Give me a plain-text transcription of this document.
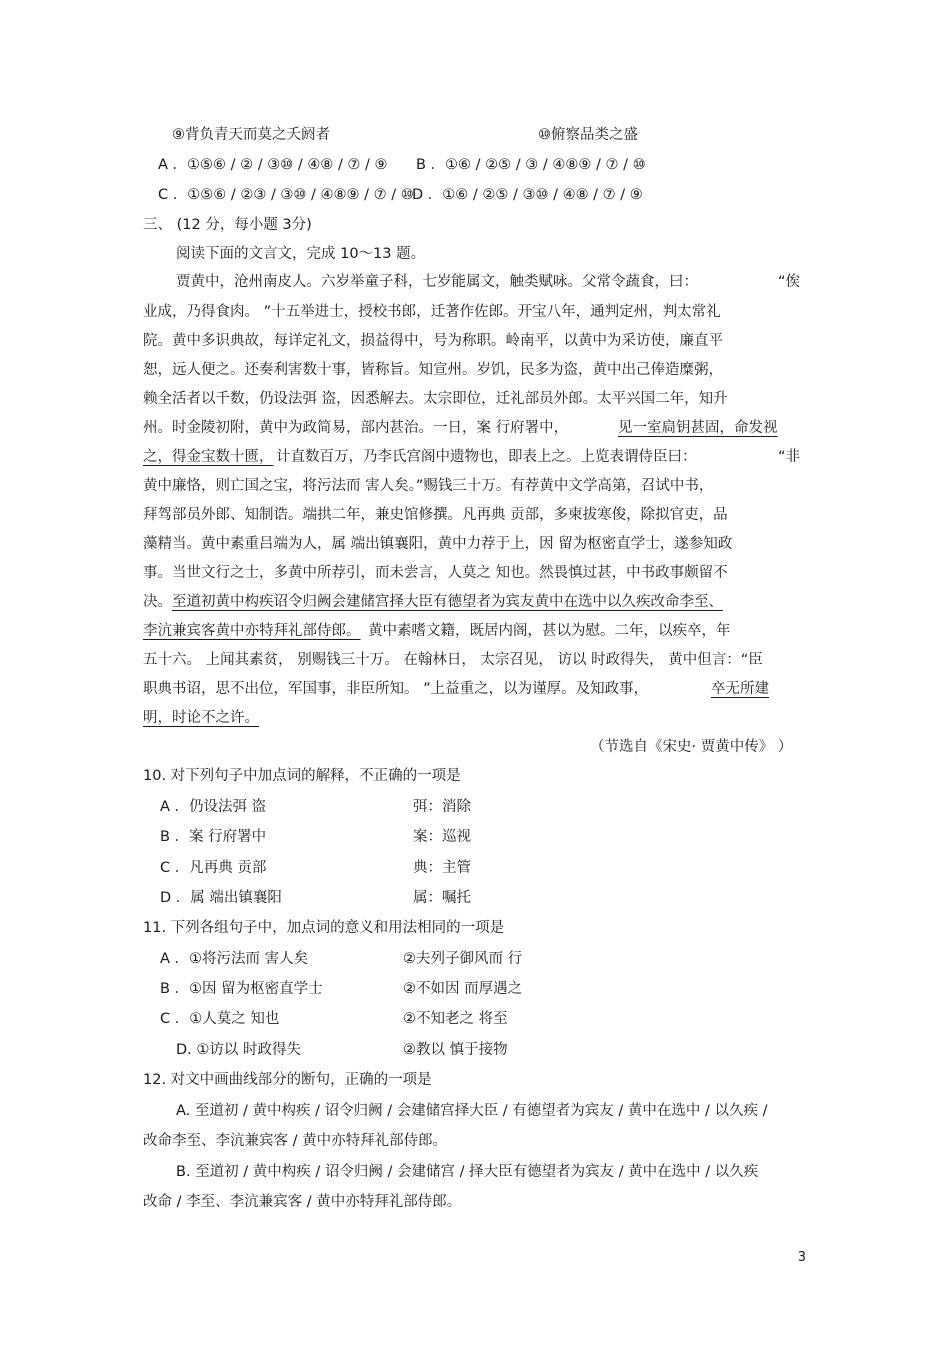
⑨背负青天而莫之夭阏者	⑩俯察品类之盛
A ．①⑤⑥ / ② / ③⑩ / ④⑧ / ⑦ / ⑨ B ．①⑥ / ②⑤ / ③ / ④⑧⑨ / ⑦ / ⑩
C ．①⑤⑥ / ②③ / ③⑩ / ④⑧⑨ / ⑦ / ⑩
D ．①⑥ / ②⑤ / ③⑩ / ④⑧ / ⑦ / ⑨
三、 (12 分，每小题 3分)
阅读下面的文言文，完成 10～13 题。
贾黄中，沧州南皮人。六岁举童子科，七岁能属文，触类赋咏。父常令蔬食，曰：	“俟
业成，乃得食肉。 ”十五举进士，授校书郎，迁著作佐郎。开宝八年，通判定州，判太常礼
院。黄中多识典故，每详定礼文，损益得中，号为称职。岭南平，以黄中为采访使，廉直平
恕，远人便之。还奏利害数十事，皆称旨。知宣州。岁饥，民多为盗，黄中出己俸造糜粥，
赖全活者以千数，仍设法弭 盗，因悉解去。太宗即位，迁礼部员外郎。太平兴国二年，知升
州。时金陵初附，黄中为政简易，部内甚治。一日，案 行府署中，	见一室扃钥甚固，命发视
之，得金宝数十匮， 计直数百万，乃李氏宫阁中遗物也，即表上之。上览表谓侍臣曰：	“非
黄中廉恪，则亡国之宝，将污法而 害人矣。”赐钱三十万。有荐黄中文学高第，召试中书，
拜驾部员外郎、知制诰。端拱二年，兼史馆修撰。凡再典 贡部，多柬拔寒俊，除拟官吏，品
藻精当。黄中素重吕端为人，属 端出镇襄阳，黄中力荐于上，因 留为枢密直学士，遂参知政
事。当世文行之士，多黄中所荐引，而未尝言，人莫之 知也。然畏慎过甚，中书政事颇留不
决。 至道初黄中构疾诏令归阙会建储宫择大臣有德望者为宾友黄中在选中以久疾改命李至、
李沆兼宾客黄中亦特拜礼部侍郎。 黄中素嗜文籍，既居内阁，甚以为慰。二年，以疾卒，年
五十六。 上闻其素贫， 别赐钱三十万。 在翰林日， 太宗召见， 访以 时政得失， 黄中但言：“臣
职典书诏，思不出位，军国事，非臣所知。 ”上益重之，以为谨厚。及知政事，	卒无所建
明，时论不之许。
（节选自《宋史· 贾黄中传》 ）
10. 对下列句子中加点词的解释，不正确的一项是
A ．仍设法弭 盗	弭：消除
B ．案 行府署中	案：巡视
C ．凡再典 贡部	典：主管
D ．属 端出镇襄阳	属：嘱托
11. 下列各组句子中，加点词的意义和用法相同的一项是
A ．①将污法而 害人矣	②夫列子御风而 行
B ．①因 留为枢密直学士	②不如因 而厚遇之
C ．①人莫之 知也	②不知老之 将至
D. ①访以 时政得失	②教以 慎于接物
12. 对文中画曲线部分的断句，正确的一项是
A. 至道初 / 黄中构疾 / 诏令归阙 / 会建储宫择大臣 / 有德望者为宾友 / 黄中在选中 / 以久疾 /
改命李至、李沆兼宾客 / 黄中亦特拜礼部侍郎。
B. 至道初 / 黄中构疾 / 诏令归阙 / 会建储宫 / 择大臣有德望者为宾友 / 黄中在选中 / 以久疾
改命 / 李至、李沆兼宾客 / 黄中亦特拜礼部侍郎。
3
